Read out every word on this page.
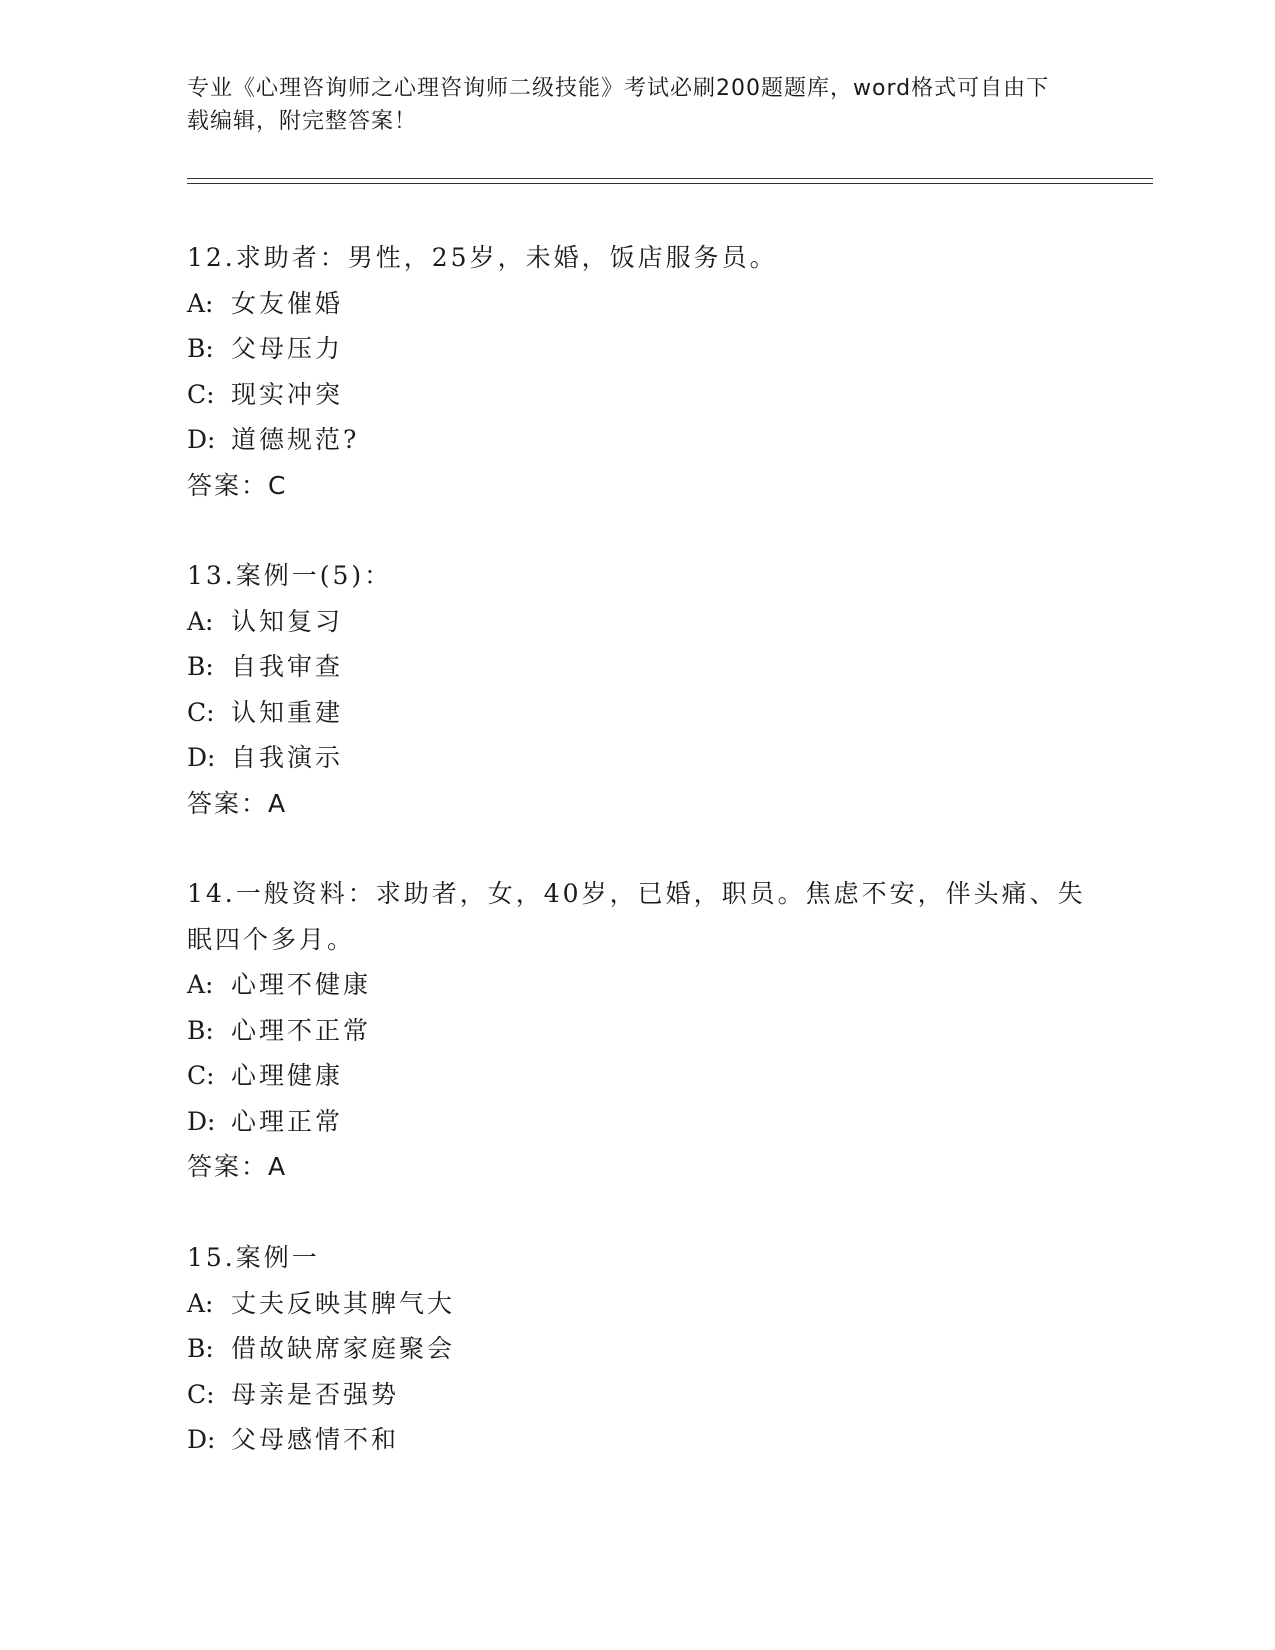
专业《心理咨询师之心理咨询师二级技能》考试必刷200题题库，word格式可自由下载编辑，附完整答案！
12.求助者：男性，25岁，未婚，饭店服务员。
A: 女友催婚
B: 父母压力
C: 现实冲突
D: 道德规范?
答案：C
13.案例一(5)：
A: 认知复习
B: 自我审查
C: 认知重建
D: 自我演示
答案：A
14.一般资料：求助者，女，40岁，已婚，职员。焦虑不安，伴头痛、失眠四个多月。
A: 心理不健康
B: 心理不正常
C: 心理健康
D: 心理正常
答案：A
15.案例一
A: 丈夫反映其脾气大
B: 借故缺席家庭聚会
C: 母亲是否强势
D: 父母感情不和
